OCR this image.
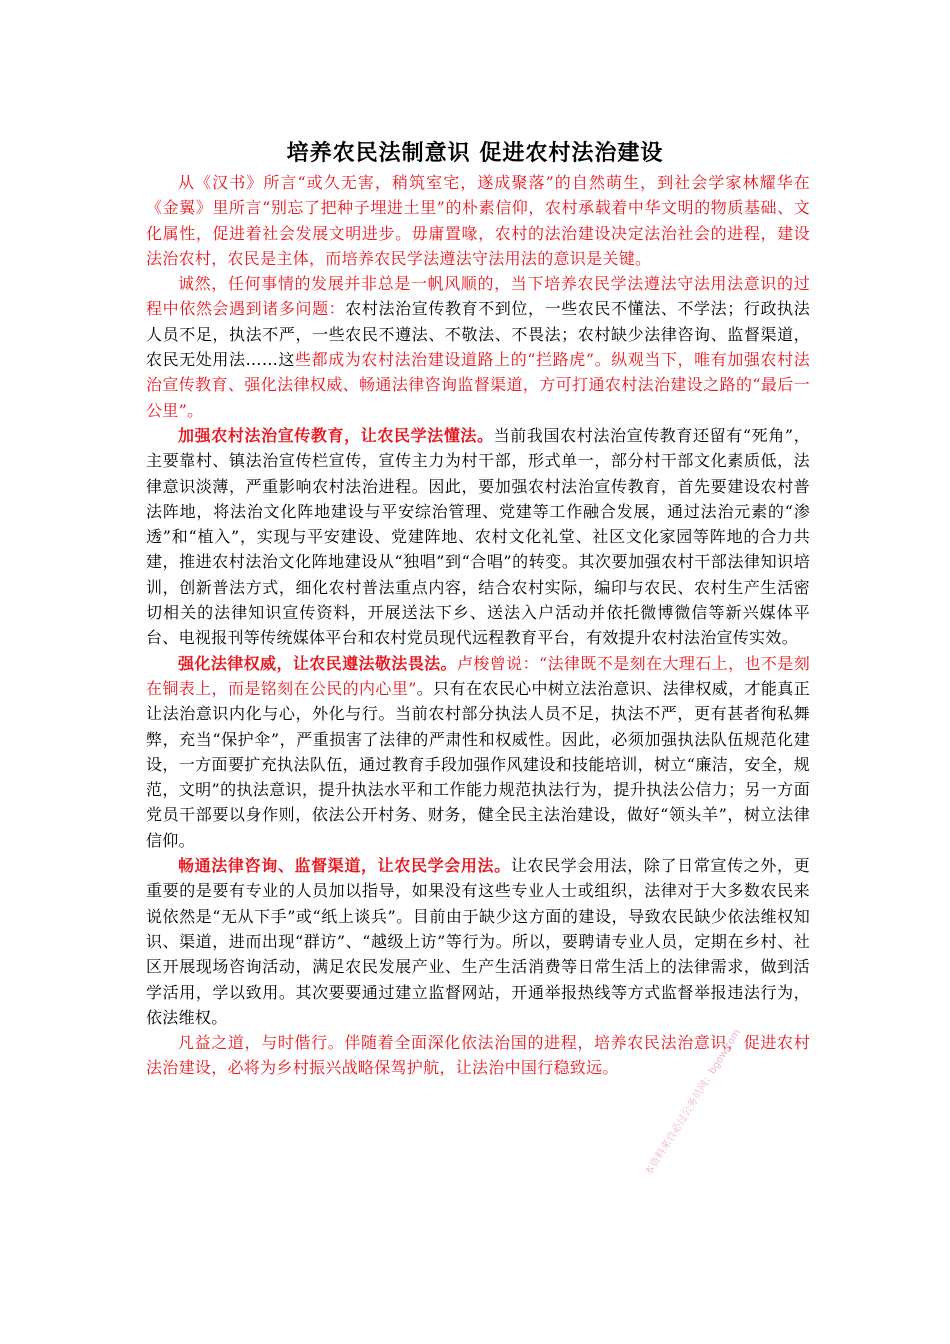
培养农民法制意识 促进农村法治建设

从《汉书》所言“或久无害，稍筑室宅，遂成聚落”的自然萌生，到社会学家林耀华在《金翼》里所言“别忘了把种子埋进土里”的朴素信仰，农村承载着中华文明的物质基础、文化属性，促进着社会发展文明进步。毋庸置喙，农村的法治建设决定法治社会的进程，建设法治农村，农民是主体，而培养农民学法遵法守法用法的意识是关键。

诚然，任何事情的发展并非总是一帆风顺的，当下培养农民学法遵法守法用法意识的过程中依然会遇到诸多问题：农村法治宣传教育不到位，一些农民不懂法、不学法；行政执法人员不足，执法不严，一些农民不遵法、不敬法、不畏法；农村缺少法律咨询、监督渠道，农民无处用法……这些都成为农村法治建设道路上的“拦路虎”。纵观当下，唯有加强农村法治宣传教育、强化法律权威、畅通法律咨询监督渠道，方可打通农村法治建设之路的“最后一公里”。

加强农村法治宣传教育，让农民学法懂法。当前我国农村法治宣传教育还留有“死角”，主要靠村、镇法治宣传栏宣传，宣传主力为村干部，形式单一，部分村干部文化素质低，法律意识淡薄，严重影响农村法治进程。因此，要加强农村法治宣传教育，首先要建设农村普法阵地，将法治文化阵地建设与平安综治管理、党建等工作融合发展，通过法治元素的“渗透”和“植入”，实现与平安建设、党建阵地、农村文化礼堂、社区文化家园等阵地的合力共建，推进农村法治文化阵地建设从“独唱”到“合唱”的转变。其次要加强农村干部法律知识培训，创新普法方式，细化农村普法重点内容，结合农村实际，编印与农民、农村生产生活密切相关的法律知识宣传资料，开展送法下乡、送法入户活动并依托微博微信等新兴媒体平台、电视报刊等传统媒体平台和农村党员现代远程教育平台，有效提升农村法治宣传实效。

强化法律权威，让农民遵法敬法畏法。卢梭曾说：“法律既不是刻在大理石上，也不是刻在铜表上，而是铭刻在公民的内心里”。只有在农民心中树立法治意识、法律权威，才能真正让法治意识内化与心，外化与行。当前农村部分执法人员不足，执法不严，更有甚者徇私舞弊，充当“保护伞”，严重损害了法律的严肃性和权威性。因此，必须加强执法队伍规范化建设，一方面要扩充执法队伍，通过教育手段加强作风建设和技能培训，树立“廉洁，安全，规范，文明”的执法意识，提升执法水平和工作能力规范执法行为，提升执法公信力；另一方面党员干部要以身作则，依法公开村务、财务，健全民主法治建设，做好“领头羊”，树立法律信仰。

畅通法律咨询、监督渠道，让农民学会用法。让农民学会用法，除了日常宣传之外，更重要的是要有专业的人员加以指导，如果没有这些专业人士或组织，法律对于大多数农民来说依然是“无从下手”或“纸上谈兵”。目前由于缺少这方面的建设，导致农民缺少依法维权知识、渠道，进而出现“群访”、“越级上访”等行为。所以，要聘请专业人员，定期在乡村、社区开展现场咨询活动，满足农民发展产业、生产生活消费等日常生活上的法律需求，做到活学活用，学以致用。其次要要通过建立监督网站，开通举报热线等方式监督举报违法行为，依法维权。

凡益之道，与时偕行。伴随着全面深化依法治国的进程，培养农民法治意识，促进农村法治建设，必将为乡村振兴战略保驾护航，让法治中国行稳致远。	本资料来自必过公务员网：bgow.com
